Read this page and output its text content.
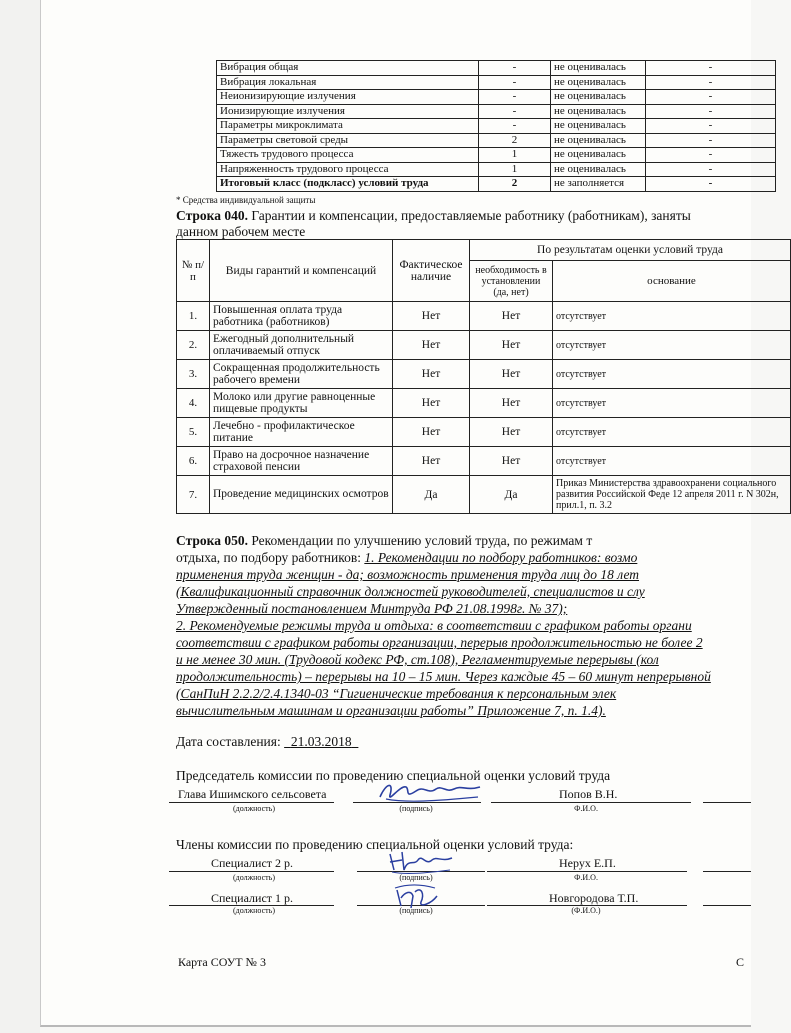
Вибрация общая	-	не оценивалась	-
Вибрация локальная	-	не оценивалась	-
Неионизирующие излучения	-	не оценивалась	-
Ионизирующие излучения	-	не оценивалась	-
Параметры микроклимата	-	не оценивалась	-
Параметры световой среды	2	не оценивалась	-
Тяжесть трудового процесса	1	не оценивалась	-
Напряженность трудового процесса	1	не оценивалась	-
Итоговый класс (подкласс) условий труда	2	не заполняется	-
* Средства индивидуальной защиты
Строка 040. Гарантии и компенсации, предоставляемые работнику (работникам), заняты
данном рабочем месте
№ п/п	Виды гарантий и компенсаций	Фактическое наличие	По результатам оценки условий труда	
			необходимость в установлении (да, нет)	основание
1.	Повышенная оплата труда работника (работников)	Нет	Нет	отсутствует
2.	Ежегодный дополнительный оплачиваемый отпуск	Нет	Нет	отсутствует
3.	Сокращенная продолжительность рабочего времени	Нет	Нет	отсутствует
4.	Молоко или другие равноценные пищевые продукты	Нет	Нет	отсутствует
5.	Лечебно - профилактическое питание	Нет	Нет	отсутствует
6.	Право на досрочное назначение страховой пенсии	Нет	Нет	отсутствует
7.	Проведение медицинских осмотров	Да	Да	Приказ Министерства здравоохранени социального развития Российской Феде 12 апреля 2011 г. N 302н, прил.1, п. 3.2
Строка 050. Рекомендации по улучшению условий труда, по режимам т
отдыха, по подбору работников: 1. Рекомендации по подбору работников: возмо
применения труда женщин - да; возможность применения труда лиц до 18 лет
(Квалификационный справочник должностей руководителей, специалистов и слу
Утвержденный постановлением Минтруда РФ 21.08.1998г. № 37);
2. Рекомендуемые режимы труда и отдыха: в соответствии с графиком работы органи
соответствии с графиком работы организации, перерыв продолжительностью не более 2
и не менее 30 мин. (Трудовой кодекс РФ, ст.108), Регламентируемые перерывы (кол
продолжительность) – перерывы на 10 – 15 мин. Через каждые 45 – 60 минут непрерывной
(СанПиН 2.2.2/2.4.1340-03 “Гигиенические требования к персональным элек
вычислительным машинам и организации работы” Приложение 7, п. 1.4).
Дата составления: 21.03.2018
Председатель комиссии по проведению специальной оценки условий труда
Глава Ишимского сельсовета	Попов В.Н.
(должность)	(подпись)	Ф.И.О.
Члены комиссии по проведению специальной оценки условий труда:
Специалист 2 р.	Нерух Е.П.
(должность)	(подпись)	Ф.И.О.
Специалист 1 р.	Новгородова Т.П.
(должность)	(подпись)	(Ф.И.О.)
Карта СОУТ № 3	С
